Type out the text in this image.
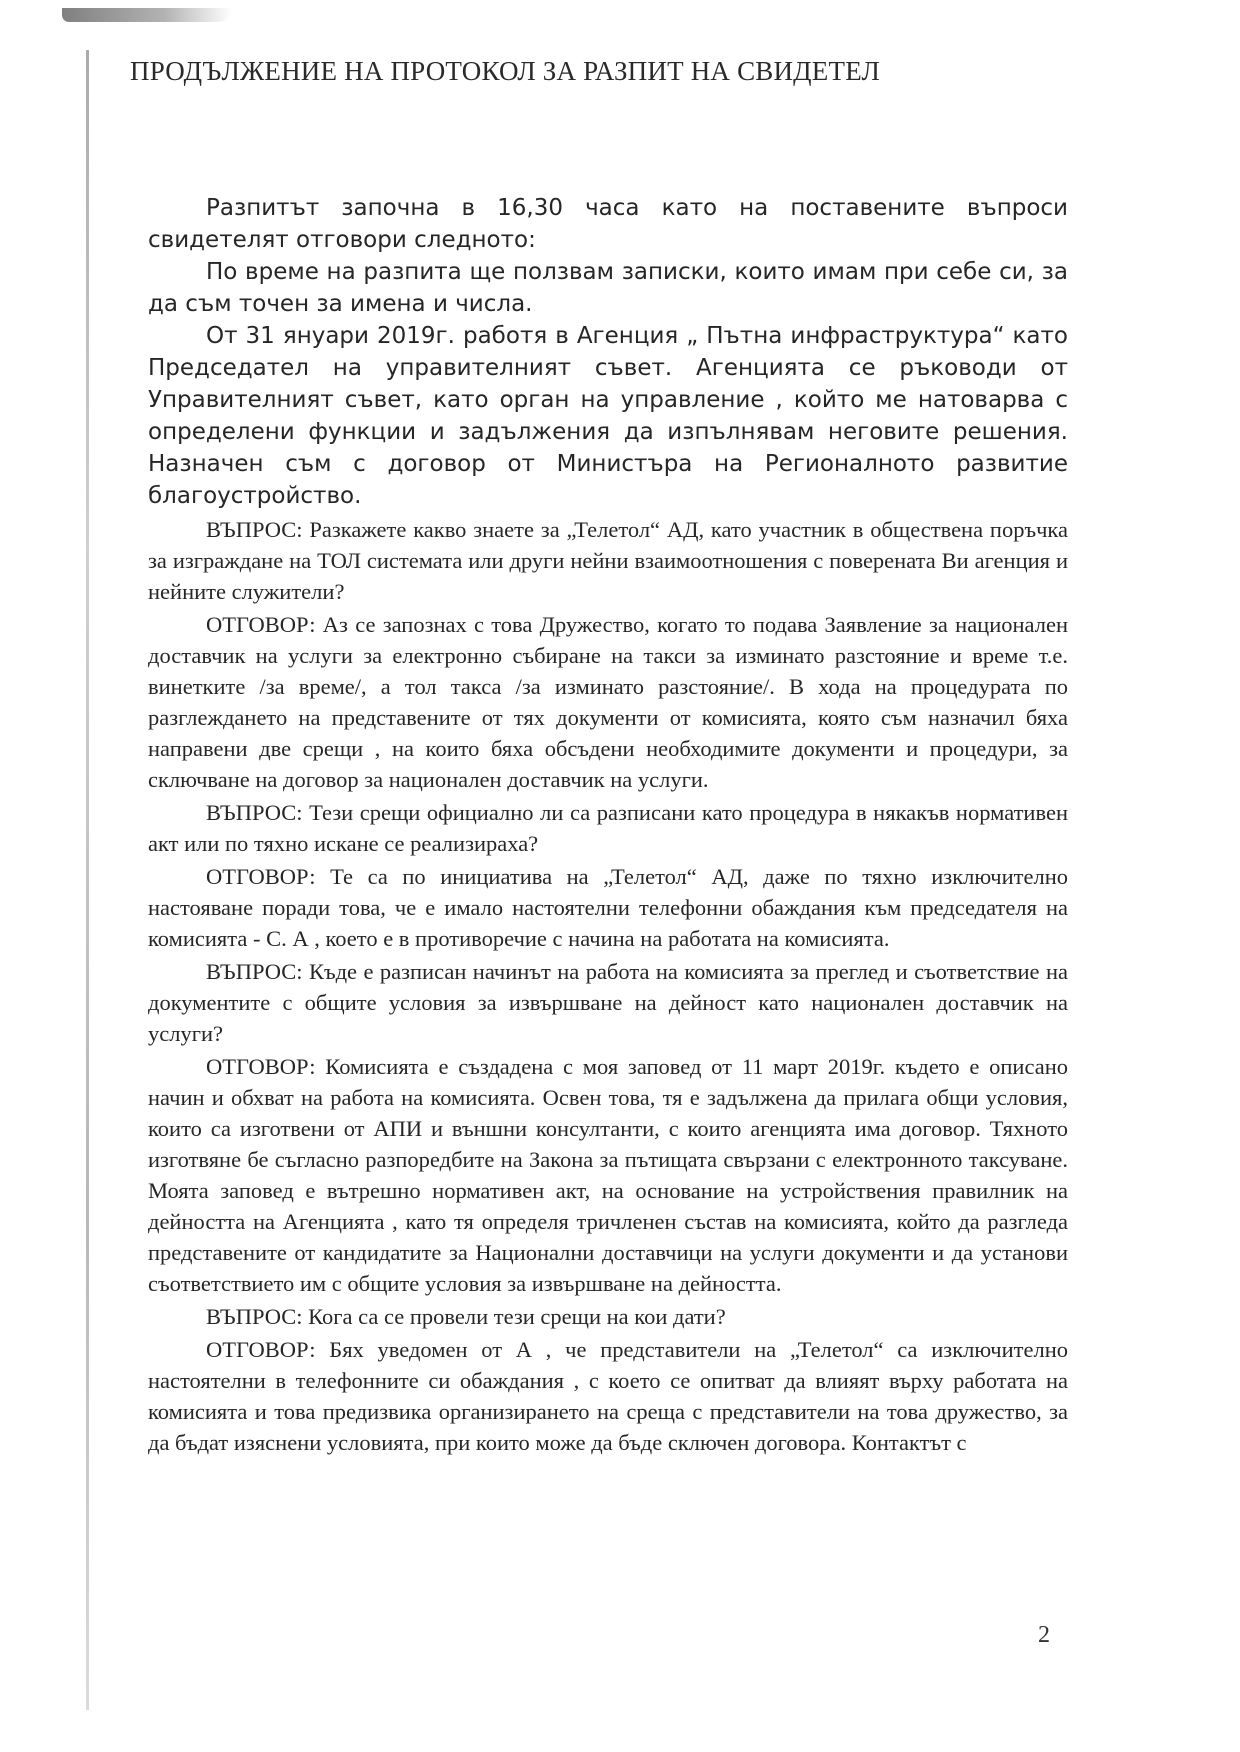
ПРОДЪЛЖЕНИЕ НА ПРОТОКОЛ ЗА РАЗПИТ НА СВИДЕТЕЛ

Разпитът започна в 16,30 часа като на поставените въпроси свидетелят отговори следното:

По време на разпита ще ползвам записки, които имам при себе си, за да съм точен за имена и числа.

От 31 януари 2019г. работя в Агенция „ Пътна инфраструктура“ като Председател на управителният съвет. Агенцията се ръководи от Управителният съвет, като орган на управление , който ме натоварва с определени функции и задължения да изпълнявам неговите решения. Назначен съм с договор от Министъра на Регионалното развитие благоустройство.

ВЪПРОС: Разкажете какво знаете за „Телетол“ АД, като участник в обществена поръчка за изграждане на ТОЛ системата или други нейни взаимоотношения с поверената Ви агенция и нейните служители?

ОТГОВОР: Аз се запознах с това Дружество, когато то подава Заявление за национален доставчик на услуги за електронно събиране на такси за изминато разстояние и време т.е. винетките /за време/, а тол такса /за изминато разстояние/. В хода на процедурата по разглеждането на представените от тях документи от комисията, която съм назначил бяха направени две срещи , на които бяха обсъдени необходимите документи и процедури, за сключване на договор за национален доставчик на услуги.

ВЪПРОС: Тези срещи официално ли са разписани като процедура в някакъв нормативен акт или по тяхно искане се реализираха?

ОТГОВОР: Те са по инициатива на „Телетол“ АД, даже по тяхно изключително настояване поради това, че е имало настоятелни телефонни обаждания към председателя на комисията - С. А , което е в противоречие с начина на работата на комисията.

ВЪПРОС: Къде е разписан начинът на работа на комисията за преглед и съответствие на документите с общите условия за извършване на дейност като национален доставчик на услуги?

ОТГОВОР: Комисията е създадена с моя заповед от 11 март 2019г. където е описано начин и обхват на работа на комисията. Освен това, тя е задължена да прилага общи условия, които са изготвени от АПИ и външни консултанти, с които агенцията има договор. Тяхното изготвяне бе съгласно разпоредбите на Закона за пътищата свързани с електронното таксуване. Моята заповед е вътрешно нормативен акт, на основание на устройствения правилник на дейността на Агенцията , като тя определя тричленен състав на комисията, който да разгледа представените от кандидатите за Национални доставчици на услуги документи и да установи съответствието им с общите условия за извършване на дейността.

ВЪПРОС: Кога са се провели тези срещи на кои дати?

ОТГОВОР: Бях уведомен от А , че представители на „Телетол“ са изключително настоятелни в телефонните си обаждания , с което се опитват да влияят върху работата на комисията и това предизвика организирането на среща с представители на това дружество, за да бъдат изяснени условията, при които може да бъде сключен договора. Контактът с

2
